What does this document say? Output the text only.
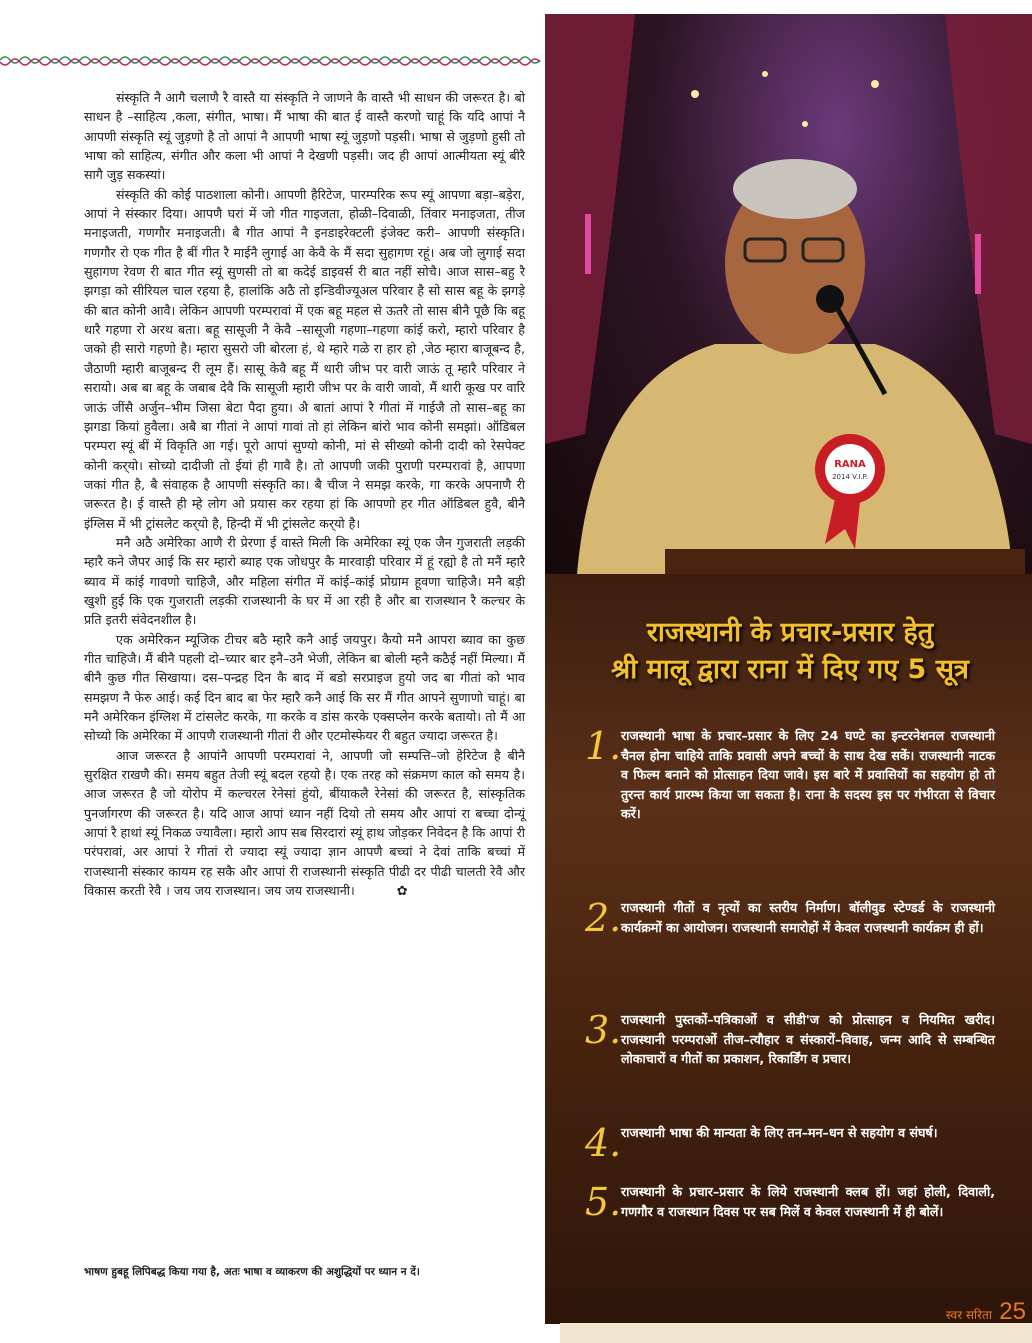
संस्कृति नै आगै चलाणै रै वास्तै या संस्कृति ने जाणने कै वास्तै भी साधन की जरूरत है। बो साधन है –साहित्य ,कला, संगीत, भाषा। मैं भाषा की बात ई वास्तै करणो चाहूं कि यदि आपां नै आपणी संस्कृति स्यूं जुड़णो है तो आपां नै आपणी भाषा स्यूं जुड़णो पड़सी। भाषा से जुड़णो हुसी तो भाषा को साहित्य, संगीत और कला भी आपां नै देखणी पड़सी। जद ही आपां आत्मीयता स्यूं बीरै सागै जुड़ सकस्यां।

संस्कृति की कोई पाठशाला कोनी। आपणी हैरिटेज, पारम्परिक रूप स्यूं आपणा बड़ा–बड़ेरा, आपां ने संस्कार दिया। आपणै घरां में जो गीत गाइजता, होळी–दिवाळी, तिंवार मनाइजता, तीज मनाइजती, गणगौर मनाइजती। बै गीत आपां नै इनडाइरेक्टली इंजेक्ट करी– आपणी संस्कृति। गणगौर रो एक गीत है बीं गीत रै माईनै लुगाई आ केवै के मैं सदा सुहागण रहूं। अब जो लुगाई सदा सुहागण रेवण री बात गीत स्यूं सुणसी तो बा कदेई डाइवर्स री बात नहीं सोचै। आज सास–बहु रै झगड़ा को सीरियल चाल रहया है, हालांकि अठै तो इन्डिवीज्यूअल परिवार है सो सास बहू के झगड़े की बात कोनी आवै। लेकिन आपणी परम्परावां में एक बहू महल से ऊतरै तो सास बीनै पूछै कि बहू थारै गहणा रो अरथ बता। बहू सासूजी नै केवै –सासूजी गहणा–गहणा कांई करो, म्हारो परिवार है जको ही सारो गहणो है। म्हारा सुसरो जी बोरला हं, थे म्हारे गळे रा हार हो ,जेठ म्हारा बाजूबन्द है, जैठाणी म्हारी बाजूबन्द री लूम हैं। सासू केवै बहू मैं थारी जीभ पर वारी जाऊं तू म्हारै परिवार ने सरायो। अब बा बहू के जबाब देवै कि सासूजी म्हारी जीभ पर के वारी जावो, मैं थारी कूख पर वारि जाऊं जींसै अर्जुन–भीम जिसा बेटा पैदा हुया। अै बातां आपां रै गीतां में गाईजै तो सास–बहू का झगडा कियां हुवैला। अबै बा गीतां ने आपां गावां तो हां लेकिन बांरो भाव कोनी समझां। ऑडिबल परम्परा स्यूं बीं में विकृति आ गई। पूरो आपां सुण्यो कोनी, मां से सीख्यो कोनी दादी को रेसपेक्ट कोनी कर्‌यो। सोच्यो दादीजी तो ईयां ही गावै है। तो आपणी जकी पुराणी परम्परावां है, आपणा जकां गीत है, बै संवाहक है आपणी संस्कृति का। बै चीज ने समझ करके, गा करके अपनाणै री जरूरत है। ई वास्तै ही म्हे लोग ओ प्रयास कर रहया हां कि आपणो हर गीत ऑडिबल हुवै, बीनै इंग्लिस में भी ट्रांसलेट कर्‌यो है, हिन्दी में भी ट्रांसलेट कर्‌यो है।

मनै अठै अमेरिका आणै री प्रेरणा ई वास्ते मिली कि अमेरिका स्यूं एक जैन गुजराती लड़की म्हारै कने जैपर आई कि सर म्हारो ब्याह एक जोधपुर कै मारवाड़ी परिवार में हूं रह्यो है तो मनैं म्हारै ब्याव में कांई गावणो चाहिजै, और महिला संगीत में कांई–कांई प्रोग्राम हूवणा चाहिजै। मनै बड़ी खुशी हुई कि एक गुजराती लड़की राजस्थानी के घर में आ रही है और बा राजस्थान रै कल्चर के प्रति इतरी संवेदनशील है।

एक अमेरिकन म्यूजिक टीचर बठै म्हारै कनै आई जयपुर। कैयो मनै आपरा ब्याव का कुछ गीत चाहिजै। मैं बीनै पहली दो–च्यार बार इनै–उनै भेजी, लेकिन बा बोली म्हनै कठैई नहीं मिल्या। मैं बीनै कुछ गीत सिखाया। दस–पन्द्रह दिन कै बाद में बडो सरप्राइज हुयो जद बा गीतां को भाव समझण नै फेरु आई। कई दिन बाद बा फेर म्हारै कनै आई कि सर मैं गीत आपने सुणाणो चाहूं। बा मनै अमेरिकन इंग्लिश में टांसलेट करके, गा करके व डांस करके एक्सप्लेन करके बतायो। तो मैं आ सोच्यो कि अमेरिका में आपणै राजस्थानी गीतां री और एटमोस्फेयर री बहुत ज्यादा जरूरत है।

आज जरूरत है आपांनै आपणी परम्परावां ने, आपणी जो सम्पत्ति–जो हेरिटेज है बीनै सुरक्षित राखणै की। समय बहुत तेजी स्यूं बदल रहयो है। एक तरह को संक्रमण काल को समय है। आज जरूरत है जो योरोप में कल्चरल रेनेसां हुंयो, बींयाकलै रेनेसां की जरूरत है, सांस्कृतिक पुनर्जागरण की जरूरत है। यदि आज आपां ध्यान नहीं दियो तो समय और आपां रा बच्चा दोन्यूं आपां रै हाथां स्यूं निकळ ज्यावैला। म्हारो आप सब सिरदारां स्यूं हाथ जोड़कर निवेदन है कि आपां री परंपरावां, अर आपां रे गीतां रो ज्यादा स्यूं ज्यादा ज्ञान आपणै बच्चां ने देवां ताकि बच्चां में राजस्थानी संस्कार कायम रह सकै और आपां री राजस्थानी संस्कृति पीढी दर पीढी चालती रेवै और विकास करती रेवै । जय जय राजस्थान। जय जय राजस्थानी।	✿

भाषण हुबहू लिपिबद्ध किया गया है, अतः भाषा व व्याकरण की अशुद्धियों पर ध्यान न दें।
RANA
2014 V.I.P.
राजस्थानी के प्रचार-प्रसार हेतु
श्री मालू द्वारा राना में दिए गए 5 सूत्र
1. राजस्थानी भाषा के प्रचार–प्रसार के लिए 24 घण्टे का इन्टरनेशनल राजस्थानी चैनल होना चाहिये ताकि प्रवासी अपने बच्चों के साथ देख सकें। राजस्थानी नाटक व फिल्म बनाने को प्रोत्साहन दिया जावे। इस बारे में प्रवासियों का सहयोग हो तो तुरन्त कार्य प्रारम्भ किया जा सकता है। राना के सदस्य इस पर गंभीरता से विचार करें।
2. राजस्थानी गीतों व नृत्यों का स्तरीय निर्माण। बॉलीवुड स्टेण्डर्ड के राजस्थानी कार्यक्रमों का आयोजन। राजस्थानी समारोहों में केवल राजस्थानी कार्यक्रम ही हों।
3. राजस्थानी पुस्तकों–पत्रिकाओं व सीडी'ज को प्रोत्साहन व नियमित खरीद। राजस्थानी परम्पराओं तीज–त्यौहार व संस्कारों–विवाह, जन्म आदि से सम्बन्धित लोकाचारों व गीतों का प्रकाशन, रिकार्डिंग व प्रचार।
4. राजस्थानी भाषा की मान्यता के लिए तन–मन–धन से सहयोग व संघर्ष।
5. राजस्थानी के प्रचार–प्रसार के लिये राजस्थानी क्लब हों। जहां होली, दिवाली, गणगौर व राजस्थान दिवस पर सब मिलें व केवल राजस्थानी में ही बोलें।
स्वर सरिता 25
